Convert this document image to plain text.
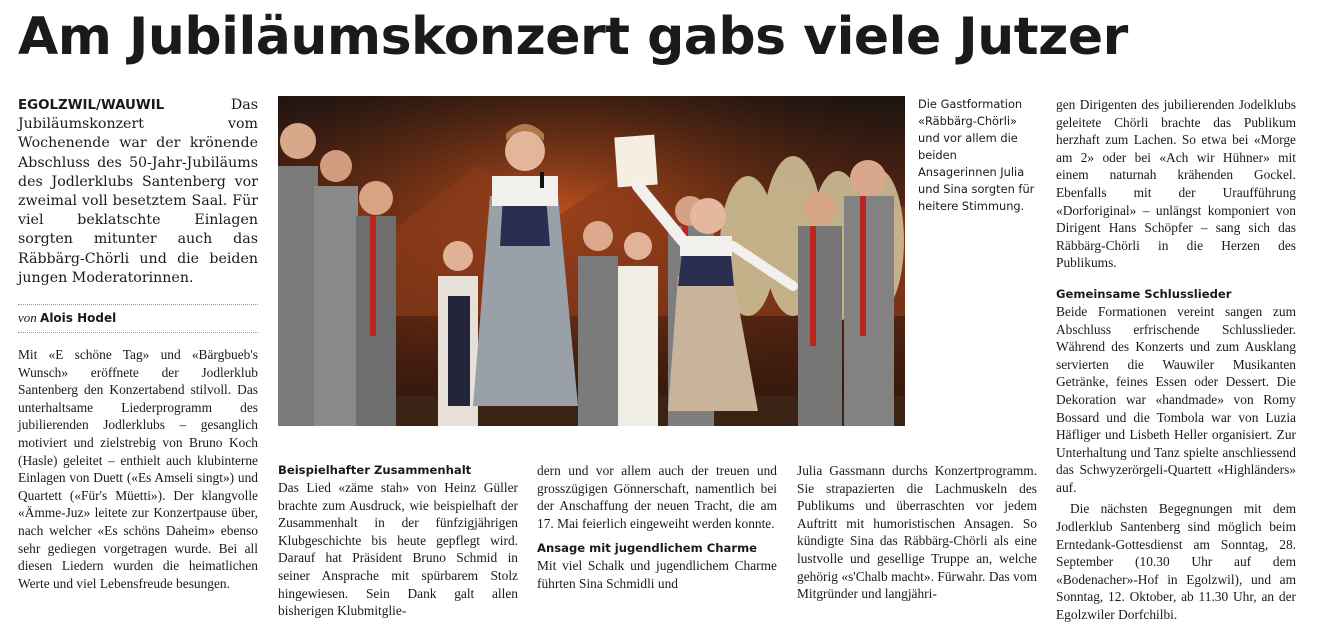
Am Jubiläumskonzert gabs viele Jutzer
EGOLZWIL/WAUWIL	Das Jubiläumskonzert vom Wochenende war der krönende Abschluss des 50-Jahr-Jubiläums des Jodlerklubs Santenberg vor zweimal voll besetztem Saal. Für viel beklatschte Einlagen sorgten mitunter auch das Räbbärg-Chörli und die beiden jungen Moderatorinnen.
von Alois Hodel

Mit «E schöne Tag» und «Bärgbueb's Wunsch» eröffnete der Jodlerklub Santenberg den Konzertabend stilvoll. Das unterhaltsame Liederprogramm des jubilierenden Jodlerklubs – gesanglich motiviert und zielstrebig von Bruno Koch (Hasle) geleitet – enthielt auch klubinterne Einlagen von Duett («Es Amseli singt») und Quartett («Für's Müetti»). Der klangvolle «Ämme-Juz» leitete zur Konzertpause über, nach welcher «Es schöns Daheim» ebenso sehr gediegen vorgetragen wurde. Bei all diesen Liedern wurden die heimatlichen Werte und viel Lebensfreude besungen.

Die Gastformation «Räbbärg-Chörli» und vor allem die beiden Ansagerinnen Julia und Sina sorgten für heitere Stimmung.

Beispielhafter Zusammenhalt

Das Lied «zäme stah» von Heinz Güller brachte zum Ausdruck, wie beispielhaft der Zusammenhalt in der fünfzigjährigen Klubgeschichte bis heute gepflegt wird. Darauf hat Präsident Bruno Schmid in seiner Ansprache mit spürbarem Stolz hingewiesen. Sein Dank galt allen bisherigen Klubmitglie-

dern und vor allem auch der treuen und grosszügigen Gönnerschaft, namentlich bei der Anschaffung der neuen Tracht, die am 17. Mai feierlich eingeweiht werden konnte.

Ansage mit jugendlichem Charme

Mit viel Schalk und jugendlichem Charme führten Sina Schmidli und

Julia Gassmann durchs Konzertprogramm. Sie strapazierten die Lachmuskeln des Publikums und überraschten vor jedem Auftritt mit humoristischen Ansagen. So kündigte Sina das Räbbärg-Chörli als eine lustvolle und gesellige Truppe an, welche gehörig «s'Chalb macht». Fürwahr. Das vom Mitgründer und langjähri-

gen Dirigenten des jubilierenden Jodelklubs geleitete Chörli brachte das Publikum herzhaft zum Lachen. So etwa bei «Morge am 2» oder bei «Ach wir Hühner» mit einem naturnah krähenden Gockel. Ebenfalls mit der Uraufführung «Dorforiginal» – unlängst komponiert von Dirigent Hans Schöpfer – sang sich das Räbbärg-Chörli in die Herzen des Publikums.

Gemeinsame Schlusslieder

Beide Formationen vereint sangen zum Abschluss erfrischende Schlusslieder. Während des Konzerts und zum Ausklang servierten die Wauwiler Musikanten Getränke, feines Essen oder Dessert. Die Dekoration war «handmade» von Romy Bossard und die Tombola war von Luzia Häfliger und Lisbeth Heller organisiert. Zur Unterhaltung und Tanz spielte anschliessend das Schwyzerörgeli-Quartett «Highländers» auf.

Die nächsten Begegnungen mit dem Jodlerklub Santenberg sind möglich beim Erntedank-Gottesdienst am Sonntag, 28. September (10.30 Uhr auf dem «Bodenacher»-Hof in Egolzwil), und am Sonntag, 12. Oktober, ab 11.30 Uhr, an der Egolzwiler Dorfchilbi.
